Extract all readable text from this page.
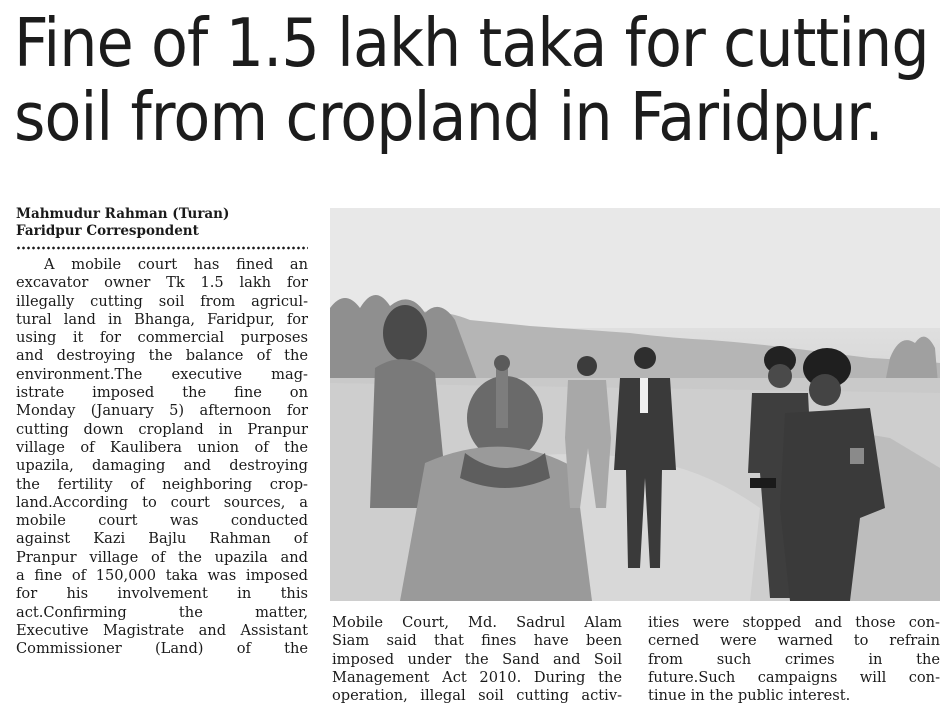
Fine of 1.5 lakh taka for cutting
soil from cropland in Faridpur.
Mahmudur Rahman (Turan)
Faridpur Correspondent

A mobile court has fined an

excavator owner Tk 1.5 lakh for

illegally cutting soil from agricul-

tural land in Bhanga, Faridpur, for

using it for commercial purposes

and destroying the balance of the

environment.The executive mag-

istrate imposed the fine on

Monday (January 5) afternoon for

cutting down cropland in Pranpur

village of Kaulibera union of the

upazila, damaging and destroying

the fertility of neighboring crop-

land.According to court sources, a

mobile court was conducted

against Kazi Bajlu Rahman of

Pranpur village of the upazila and

a fine of 150,000 taka was imposed

for his involvement in this

act.Confirming the matter,

Executive Magistrate and Assistant

Commissioner (Land) of the

Mobile Court, Md. Sadrul Alam

Siam said that fines have been

imposed under the Sand and Soil

Management Act 2010. During the

operation, illegal soil cutting activ-

ities were stopped and those con-

cerned were warned to refrain

from such crimes in the

future.Such campaigns will con-

tinue in the public interest.
